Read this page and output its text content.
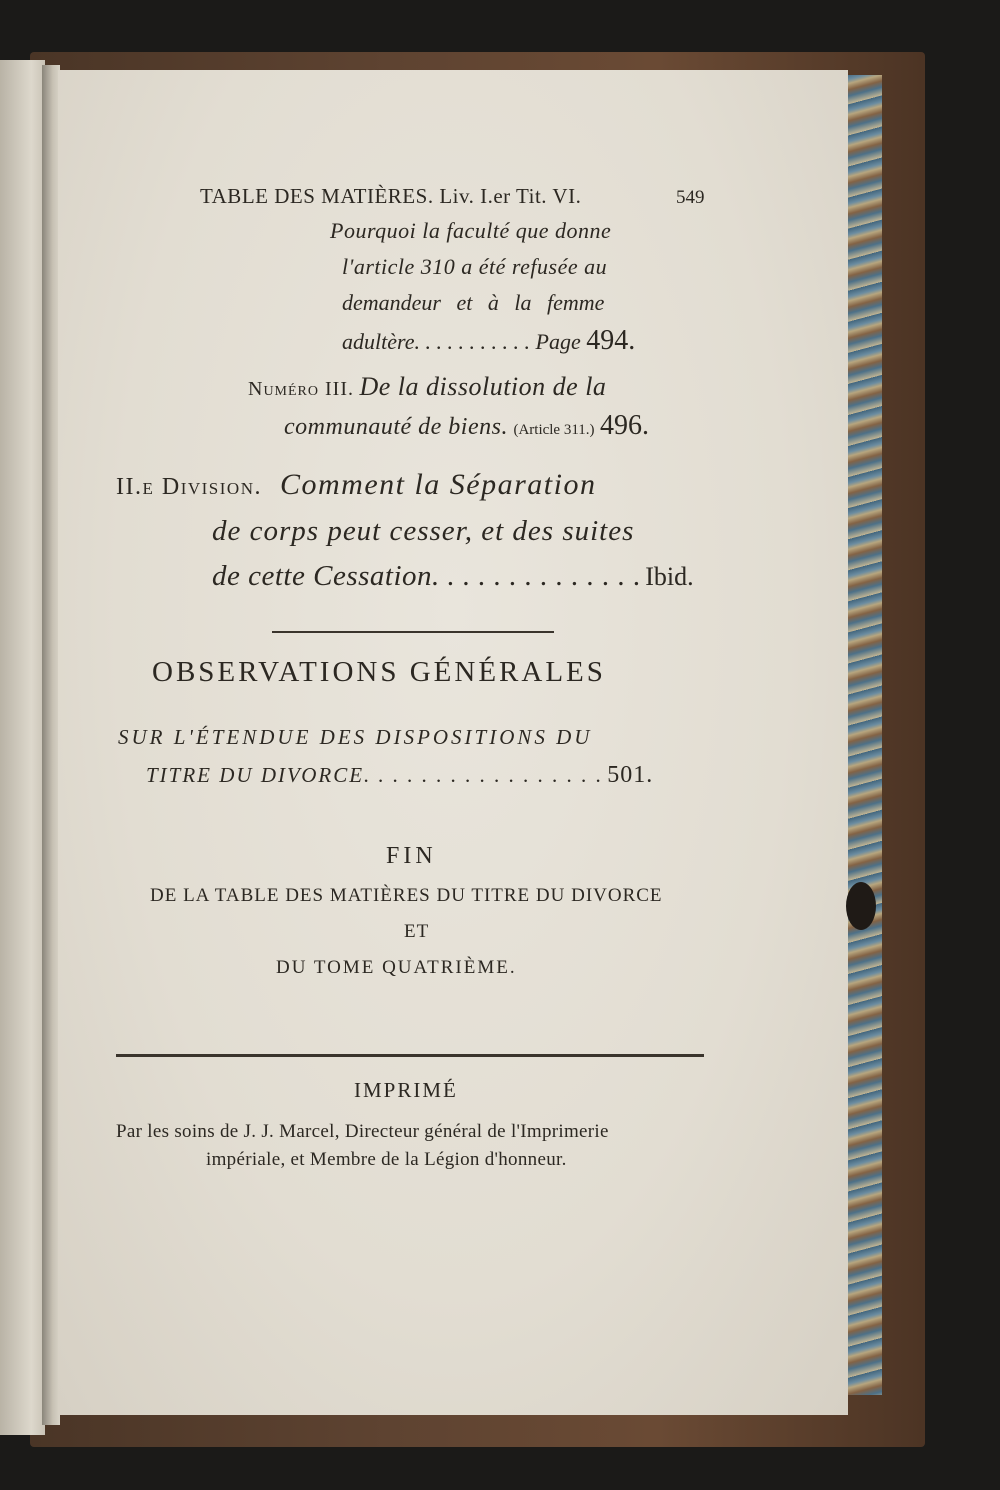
TABLE DES MATIÈRES. Liv. I.er Tit. VI.	549
Pourquoi la faculté que donne
l'article 310 a été refusée au
demandeur et à la femme
adultère. . . . . . . . . . . Page 494.
Numéro III. De la dissolution de la
communauté de biens. (Article 311.) 496.
II.e Division. Comment la Séparation
de corps peut cesser, et des suites
de cette Cessation. . . . . . . . . . . . . . Ibid.
OBSERVATIONS GÉNÉRALES
SUR L'ÉTENDUE DES DISPOSITIONS DU
TITRE DU DIVORCE. . . . . . . . . . . . . . . . . 501.
FIN
DE LA TABLE DES MATIÈRES DU TITRE DU DIVORCE
ET
DU TOME QUATRIÈME.
IMPRIMÉ
Par les soins de J. J. Marcel, Directeur général de l'Imprimerie
impériale, et Membre de la Légion d'honneur.
